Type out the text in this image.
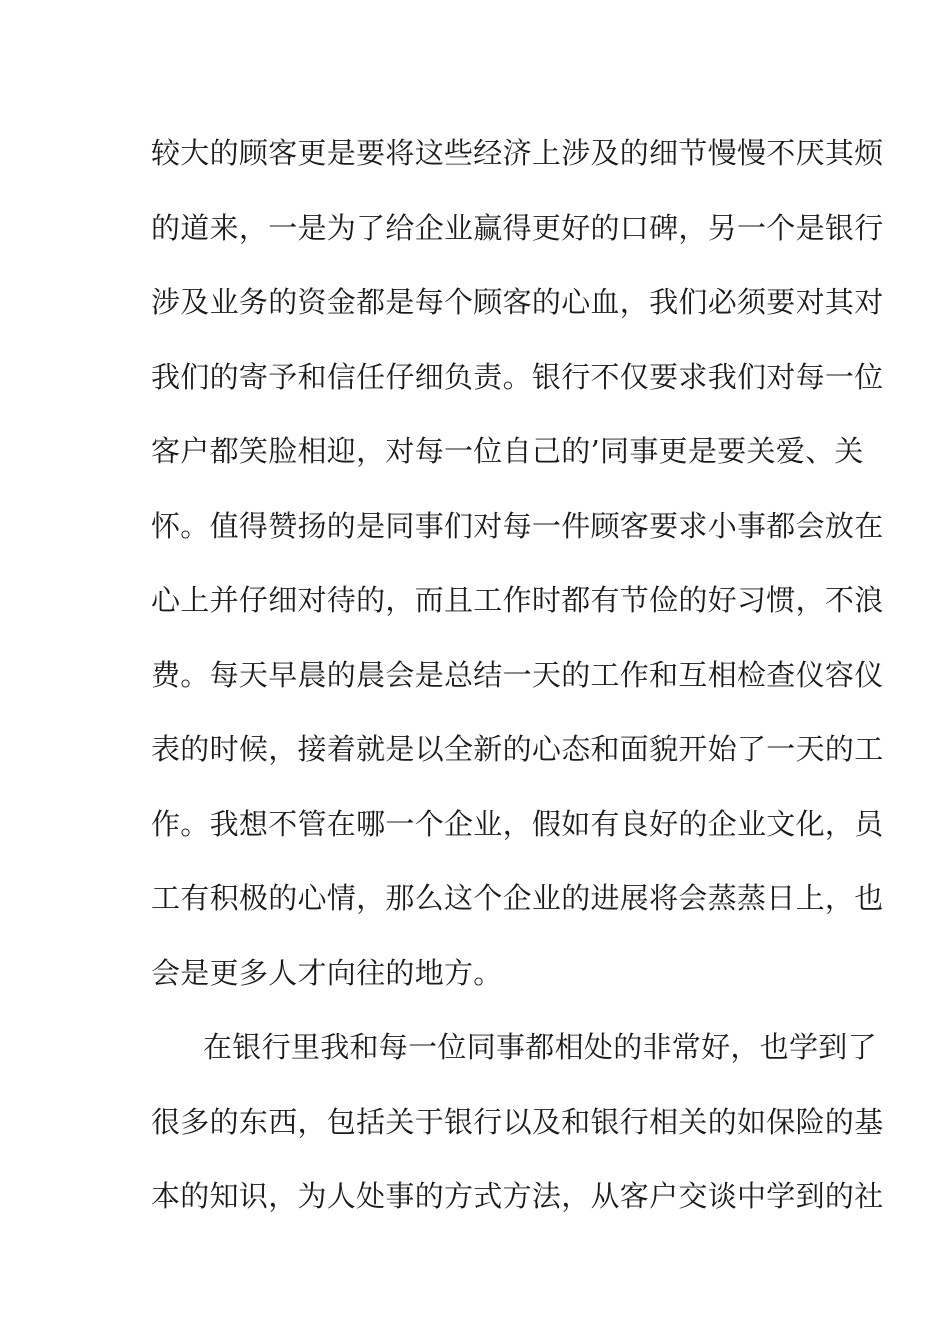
较大的顾客更是要将这些经济上涉及的细节慢慢不厌其烦
的道来，一是为了给企业赢得更好的口碑，另一个是银行
涉及业务的资金都是每个顾客的心血，我们必须要对其对
我们的寄予和信任仔细负责。银行不仅要求我们对每一位
客户都笑脸相迎，对每一位自己的’同事更是要关爱、关
怀。值得赞扬的是同事们对每一件顾客要求小事都会放在
心上并仔细对待的，而且工作时都有节俭的好习惯，不浪
费。每天早晨的晨会是总结一天的工作和互相检查仪容仪
表的时候，接着就是以全新的心态和面貌开始了一天的工
作。我想不管在哪一个企业，假如有良好的企业文化，员
工有积极的心情，那么这个企业的进展将会蒸蒸日上，也
会是更多人才向往的地方。
在银行里我和每一位同事都相处的非常好，也学到了
很多的东西，包括关于银行以及和银行相关的如保险的基
本的知识，为人处事的方式方法，从客户交谈中学到的社
